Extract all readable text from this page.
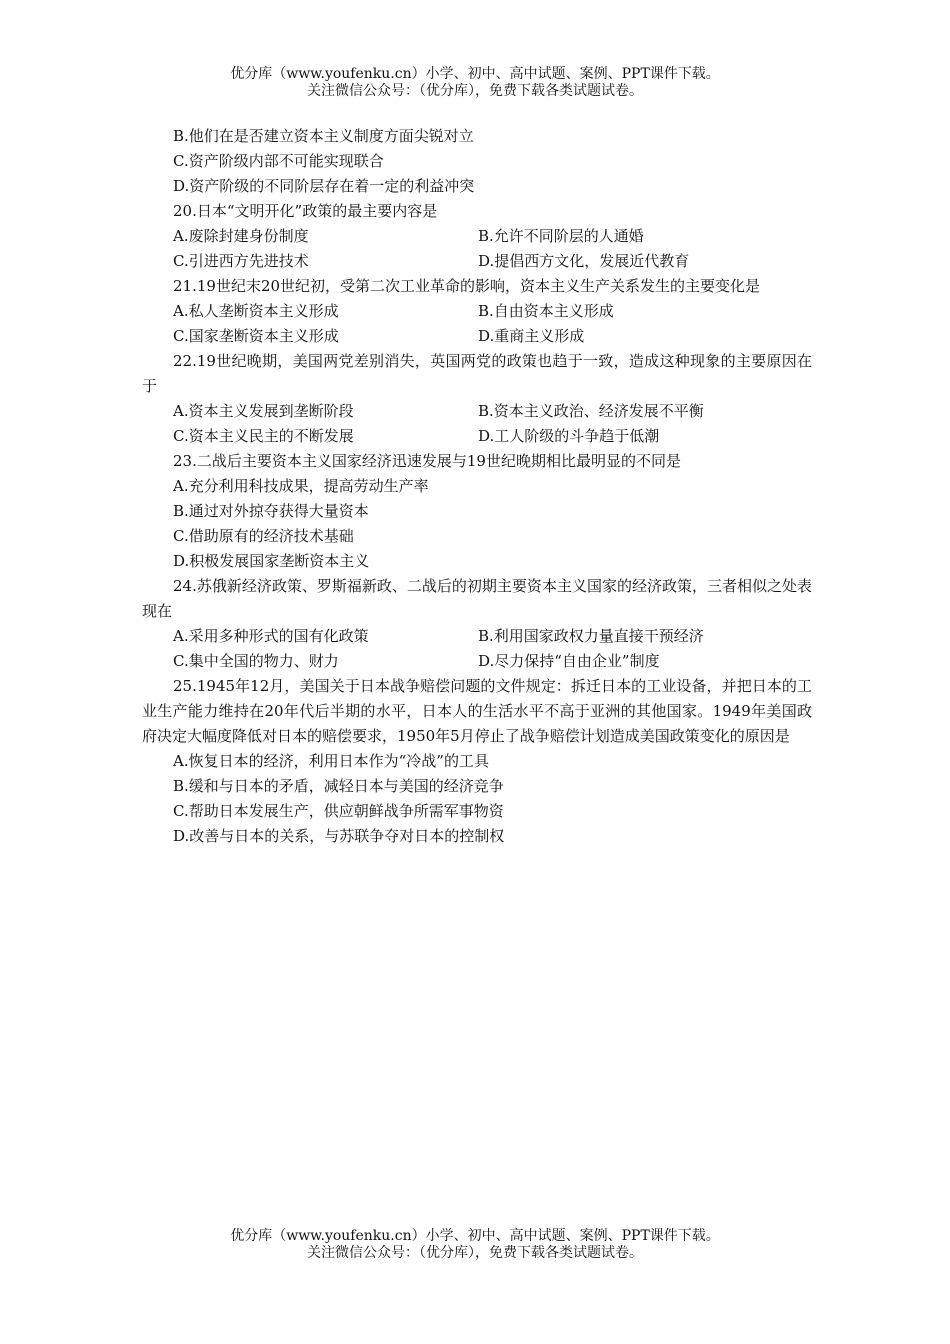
优分库（www.youfenku.cn）小学、初中、高中试题、案例、PPT课件下载。
关注微信公众号：（优分库），免费下载各类试题试卷。
B.他们在是否建立资本主义制度方面尖锐对立
C.资产阶级内部不可能实现联合
D.资产阶级的不同阶层存在着一定的利益冲突
20.日本“文明开化”政策的最主要内容是
A.废除封建身份制度	B.允许不同阶层的人通婚
C.引进西方先进技术	D.提倡西方文化，发展近代教育
21.19世纪末20世纪初，受第二次工业革命的影响，资本主义生产关系发生的主要变化是
A.私人垄断资本主义形成	B.自由资本主义形成
C.国家垄断资本主义形成	D.重商主义形成
22.19世纪晚期，美国两党差别消失，英国两党的政策也趋于一致，造成这种现象的主要原因在于
A.资本主义发展到垄断阶段	B.资本主义政治、经济发展不平衡
C.资本主义民主的不断发展	D.工人阶级的斗争趋于低潮
23.二战后主要资本主义国家经济迅速发展与19世纪晚期相比最明显的不同是
A.充分利用科技成果，提高劳动生产率
B.通过对外掠夺获得大量资本
C.借助原有的经济技术基础
D.积极发展国家垄断资本主义
24.苏俄新经济政策、罗斯福新政、二战后的初期主要资本主义国家的经济政策，三者相似之处表现在
A.采用多种形式的国有化政策	B.利用国家政权力量直接干预经济
C.集中全国的物力、财力	D.尽力保持“自由企业”制度
25.1945年12月，美国关于日本战争赔偿问题的文件规定：拆迁日本的工业设备，并把日本的工业生产能力维持在20年代后半期的水平，日本人的生活水平不高于亚洲的其他国家。1949年美国政府决定大幅度降低对日本的赔偿要求，1950年5月停止了战争赔偿计划造成美国政策变化的原因是
A.恢复日本的经济，利用日本作为“冷战”的工具
B.缓和与日本的矛盾，减轻日本与美国的经济竞争
C.帮助日本发展生产，供应朝鲜战争所需军事物资
D.改善与日本的关系，与苏联争夺对日本的控制权
优分库（www.youfenku.cn）小学、初中、高中试题、案例、PPT课件下载。
关注微信公众号：（优分库），免费下载各类试题试卷。
